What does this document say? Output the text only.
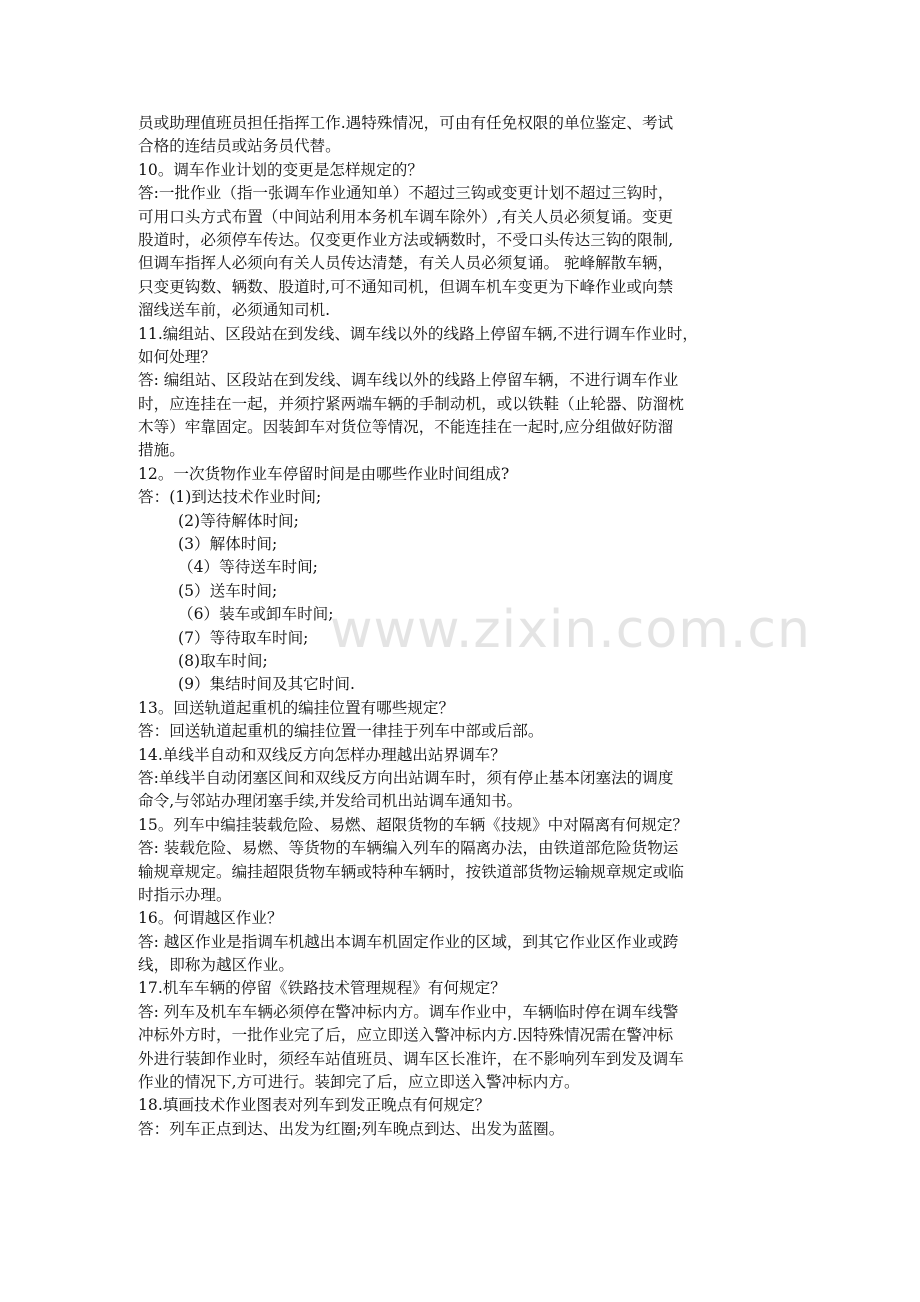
www.zixin.com.cn
员或助理值班员担任指挥工作.遇特殊情况，可由有任免权限的单位鉴定、考试
合格的连结员或站务员代替。
10。调车作业计划的变更是怎样规定的？
答:一批作业（指一张调车作业通知单）不超过三钩或变更计划不超过三钩时，
可用口头方式布置（中间站利用本务机车调车除外）,有关人员必须复诵。变更
股道时，必须停车传达。仅变更作业方法或辆数时，不受口头传达三钩的限制,
但调车指挥人必须向有关人员传达清楚，有关人员必须复诵。 驼峰解散车辆，
只变更钩数、辆数、股道时,可不通知司机，但调车机车变更为下峰作业或向禁
溜线送车前，必须通知司机.
11.编组站、区段站在到发线、调车线以外的线路上停留车辆,不进行调车作业时，
如何处理？
答: 编组站、区段站在到发线、调车线以外的线路上停留车辆，不进行调车作业
时，应连挂在一起，并须拧紧两端车辆的手制动机，或以铁鞋（止轮器、防溜枕
木等）牢靠固定。因装卸车对货位等情况，不能连挂在一起时,应分组做好防溜
措施。
12。一次货物作业车停留时间是由哪些作业时间组成?
答：(1)到达技术作业时间;
(2)等待解体时间;
(3）解体时间;
（4）等待送车时间;
(5）送车时间;
（6）装车或卸车时间;
(7）等待取车时间;
(8)取车时间;
(9）集结时间及其它时间.
13。回送轨道起重机的编挂位置有哪些规定？
答：回送轨道起重机的编挂位置一律挂于列车中部或后部。
14.单线半自动和双线反方向怎样办理越出站界调车？
答:单线半自动闭塞区间和双线反方向出站调车时，须有停止基本闭塞法的调度
命令,与邻站办理闭塞手续,并发给司机出站调车通知书。
15。列车中编挂装载危险、易燃、超限货物的车辆《技规》中对隔离有何规定？
答: 装载危险、易燃、等货物的车辆编入列车的隔离办法，由铁道部危险货物运
输规章规定。编挂超限货物车辆或特种车辆时，按铁道部货物运输规章规定或临
时指示办理。
16。何谓越区作业？
答: 越区作业是指调车机越出本调车机固定作业的区域，到其它作业区作业或跨
线，即称为越区作业。
17.机车车辆的停留《铁路技术管理规程》有何规定？
答: 列车及机车车辆必须停在警冲标内方。调车作业中，车辆临时停在调车线警
冲标外方时，一批作业完了后，应立即送入警冲标内方.因特殊情况需在警冲标
外进行装卸作业时，须经车站值班员、调车区长准许，在不影响列车到发及调车
作业的情况下,方可进行。装卸完了后，应立即送入警冲标内方。
18.填画技术作业图表对列车到发正晚点有何规定？
答：列车正点到达、出发为红圈;列车晚点到达、出发为蓝圈。
